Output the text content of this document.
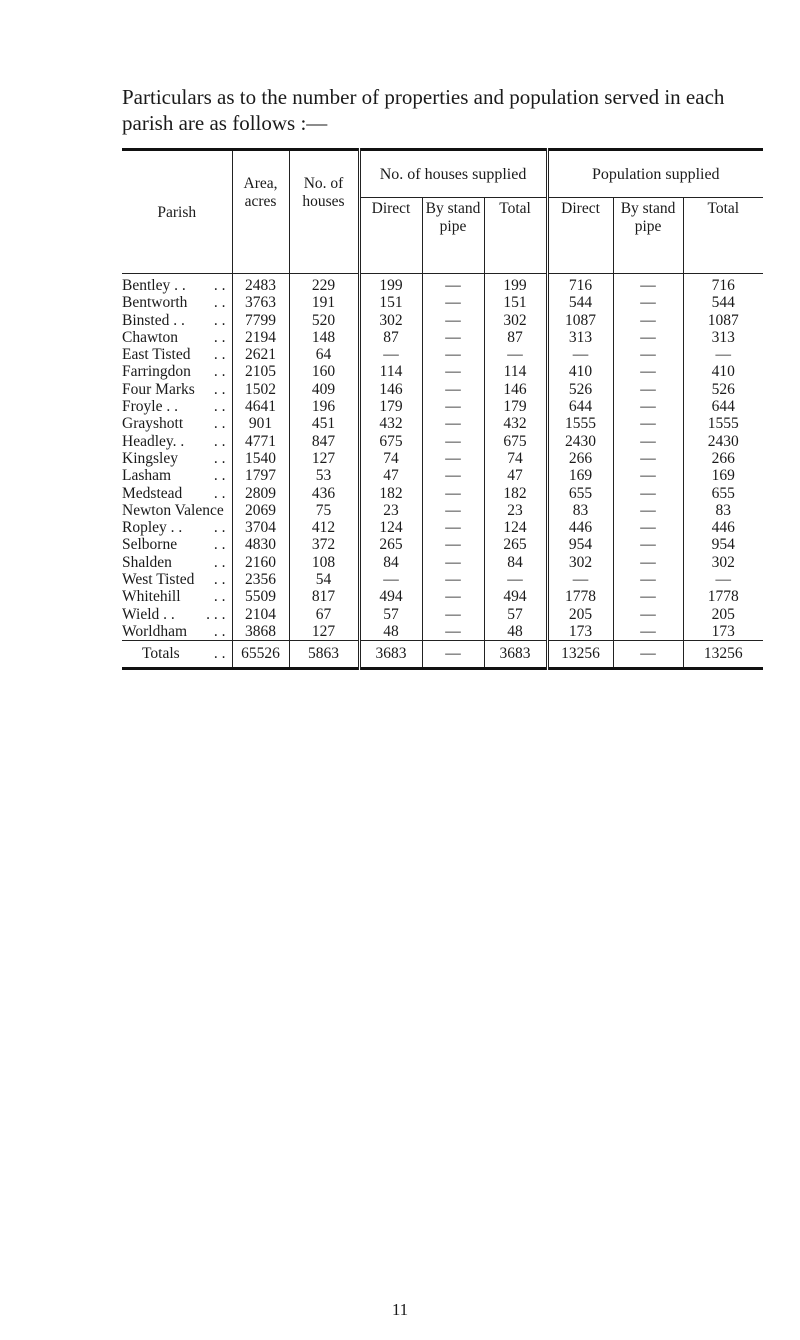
Particulars as to the number of properties and population served in each parish are as follows :—

Parish	Area, acres	No. of houses	No. of houses supplied			Population supplied		
			Direct	By stand pipe	Total	Direct	By stand pipe	Total

Bentley . . . .	2483	229	199	—	199	716	—	716
Bentworth . .	3763	191	151	—	151	544	—	544
Binsted . . . .	7799	520	302	—	302	1087	—	1087
Chawton . .	2194	148	87	—	87	313	—	313
East Tisted . .	2621	64	—	—	—	—	—	—
Farringdon . .	2105	160	114	—	114	410	—	410
Four Marks . .	1502	409	146	—	146	526	—	526
Froyle . . . .	4641	196	179	—	179	644	—	644
Grayshott . .	901	451	432	—	432	1555	—	1555
Headley. . . .	4771	847	675	—	675	2430	—	2430
Kingsley . .	1540	127	74	—	74	266	—	266
Lasham . .	1797	53	47	—	47	169	—	169
Medstead . .	2809	436	182	—	182	655	—	655
Newton Valence	2069	75	23	—	23	83	—	83
Ropley . . . .	3704	412	124	—	124	446	—	446
Selborne . .	4830	372	265	—	265	954	—	954
Shalden . .	2160	108	84	—	84	302	—	302
West Tisted . .	2356	54	—	—	—	—	—	—
Whitehill . .	5509	817	494	—	494	1778	—	1778
Wield . . . . .	2104	67	57	—	57	205	—	205
Worldham . .	3868	127	48	—	48	173	—	173
Totals . .	65526	5863	3683	—	3683	13256	—	13256
11
